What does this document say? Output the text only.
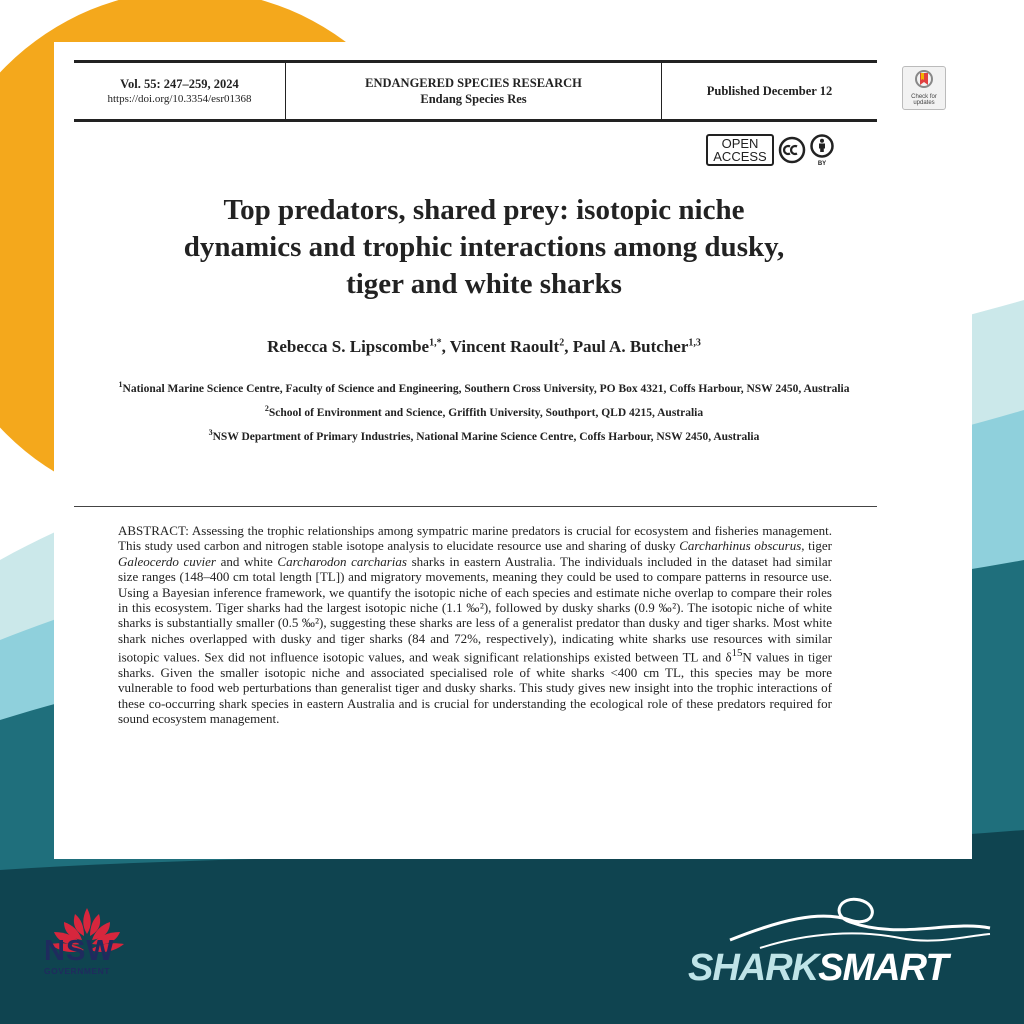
Vol. 55: 247–259, 2024
https://doi.org/10.3354/esr01368
ENDANGERED SPECIES RESEARCH
Endang Species Res
Published December 12	Check for updates
OPEN
ACCESS	BY
Top predators, shared prey: isotopic niche
dynamics and trophic interactions among dusky,
tiger and white sharks
Rebecca S. Lipscombe$^{1,*}$, Vincent Raoult$^2$, Paul A. Butcher$^{1,3}$

$^1$National Marine Science Centre, Faculty of Science and Engineering, Southern Cross University, PO Box 4321, Coffs Harbour, NSW 2450, Australia

$^2$School of Environment and Science, Griffith University, Southport, QLD 4215, Australia

$^3$NSW Department of Primary Industries, National Marine Science Centre, Coffs Harbour, NSW 2450, Australia

ABSTRACT: Assessing the trophic relationships among sympatric marine predators is crucial for ecosystem and fisheries management. This study used carbon and nitrogen stable isotope analysis to elucidate resource use and sharing of dusky Carcharhinus obscurus, tiger Galeocerdo cuvier and white Carcharodon carcharias sharks in eastern Australia. The individuals included in the dataset had similar size ranges (148–400 cm total length [TL]) and migratory movements, meaning they could be used to compare patterns in resource use. Using a Bayesian inference framework, we quantify the isotopic niche of each species and estimate niche overlap to compare their roles in this ecosystem. Tiger sharks had the largest isotopic niche (1.1 ‰²), followed by dusky sharks (0.9 ‰²). The isotopic niche of white sharks is substantially smaller (0.5 ‰²), suggesting these sharks are less of a generalist predator than dusky and tiger sharks. Most white shark niches overlapped with dusky and tiger sharks (84 and 72%, respectively), indicating white sharks use resources with similar isotopic values. Sex did not influence isotopic values, and weak significant relationships existed between TL and $\delta^{15}N$ values in tiger sharks. Given the smaller isotopic niche and associated specialised role of white sharks <400 cm TL, this species may be more vulnerable to food web perturbations than generalist tiger and dusky sharks. This study gives new insight into the trophic interactions of these co-occurring shark species in eastern Australia and is crucial for understanding the ecological role of these predators required for sound ecosystem management.
NSW
GOVERNMENT	SHARKSMART
